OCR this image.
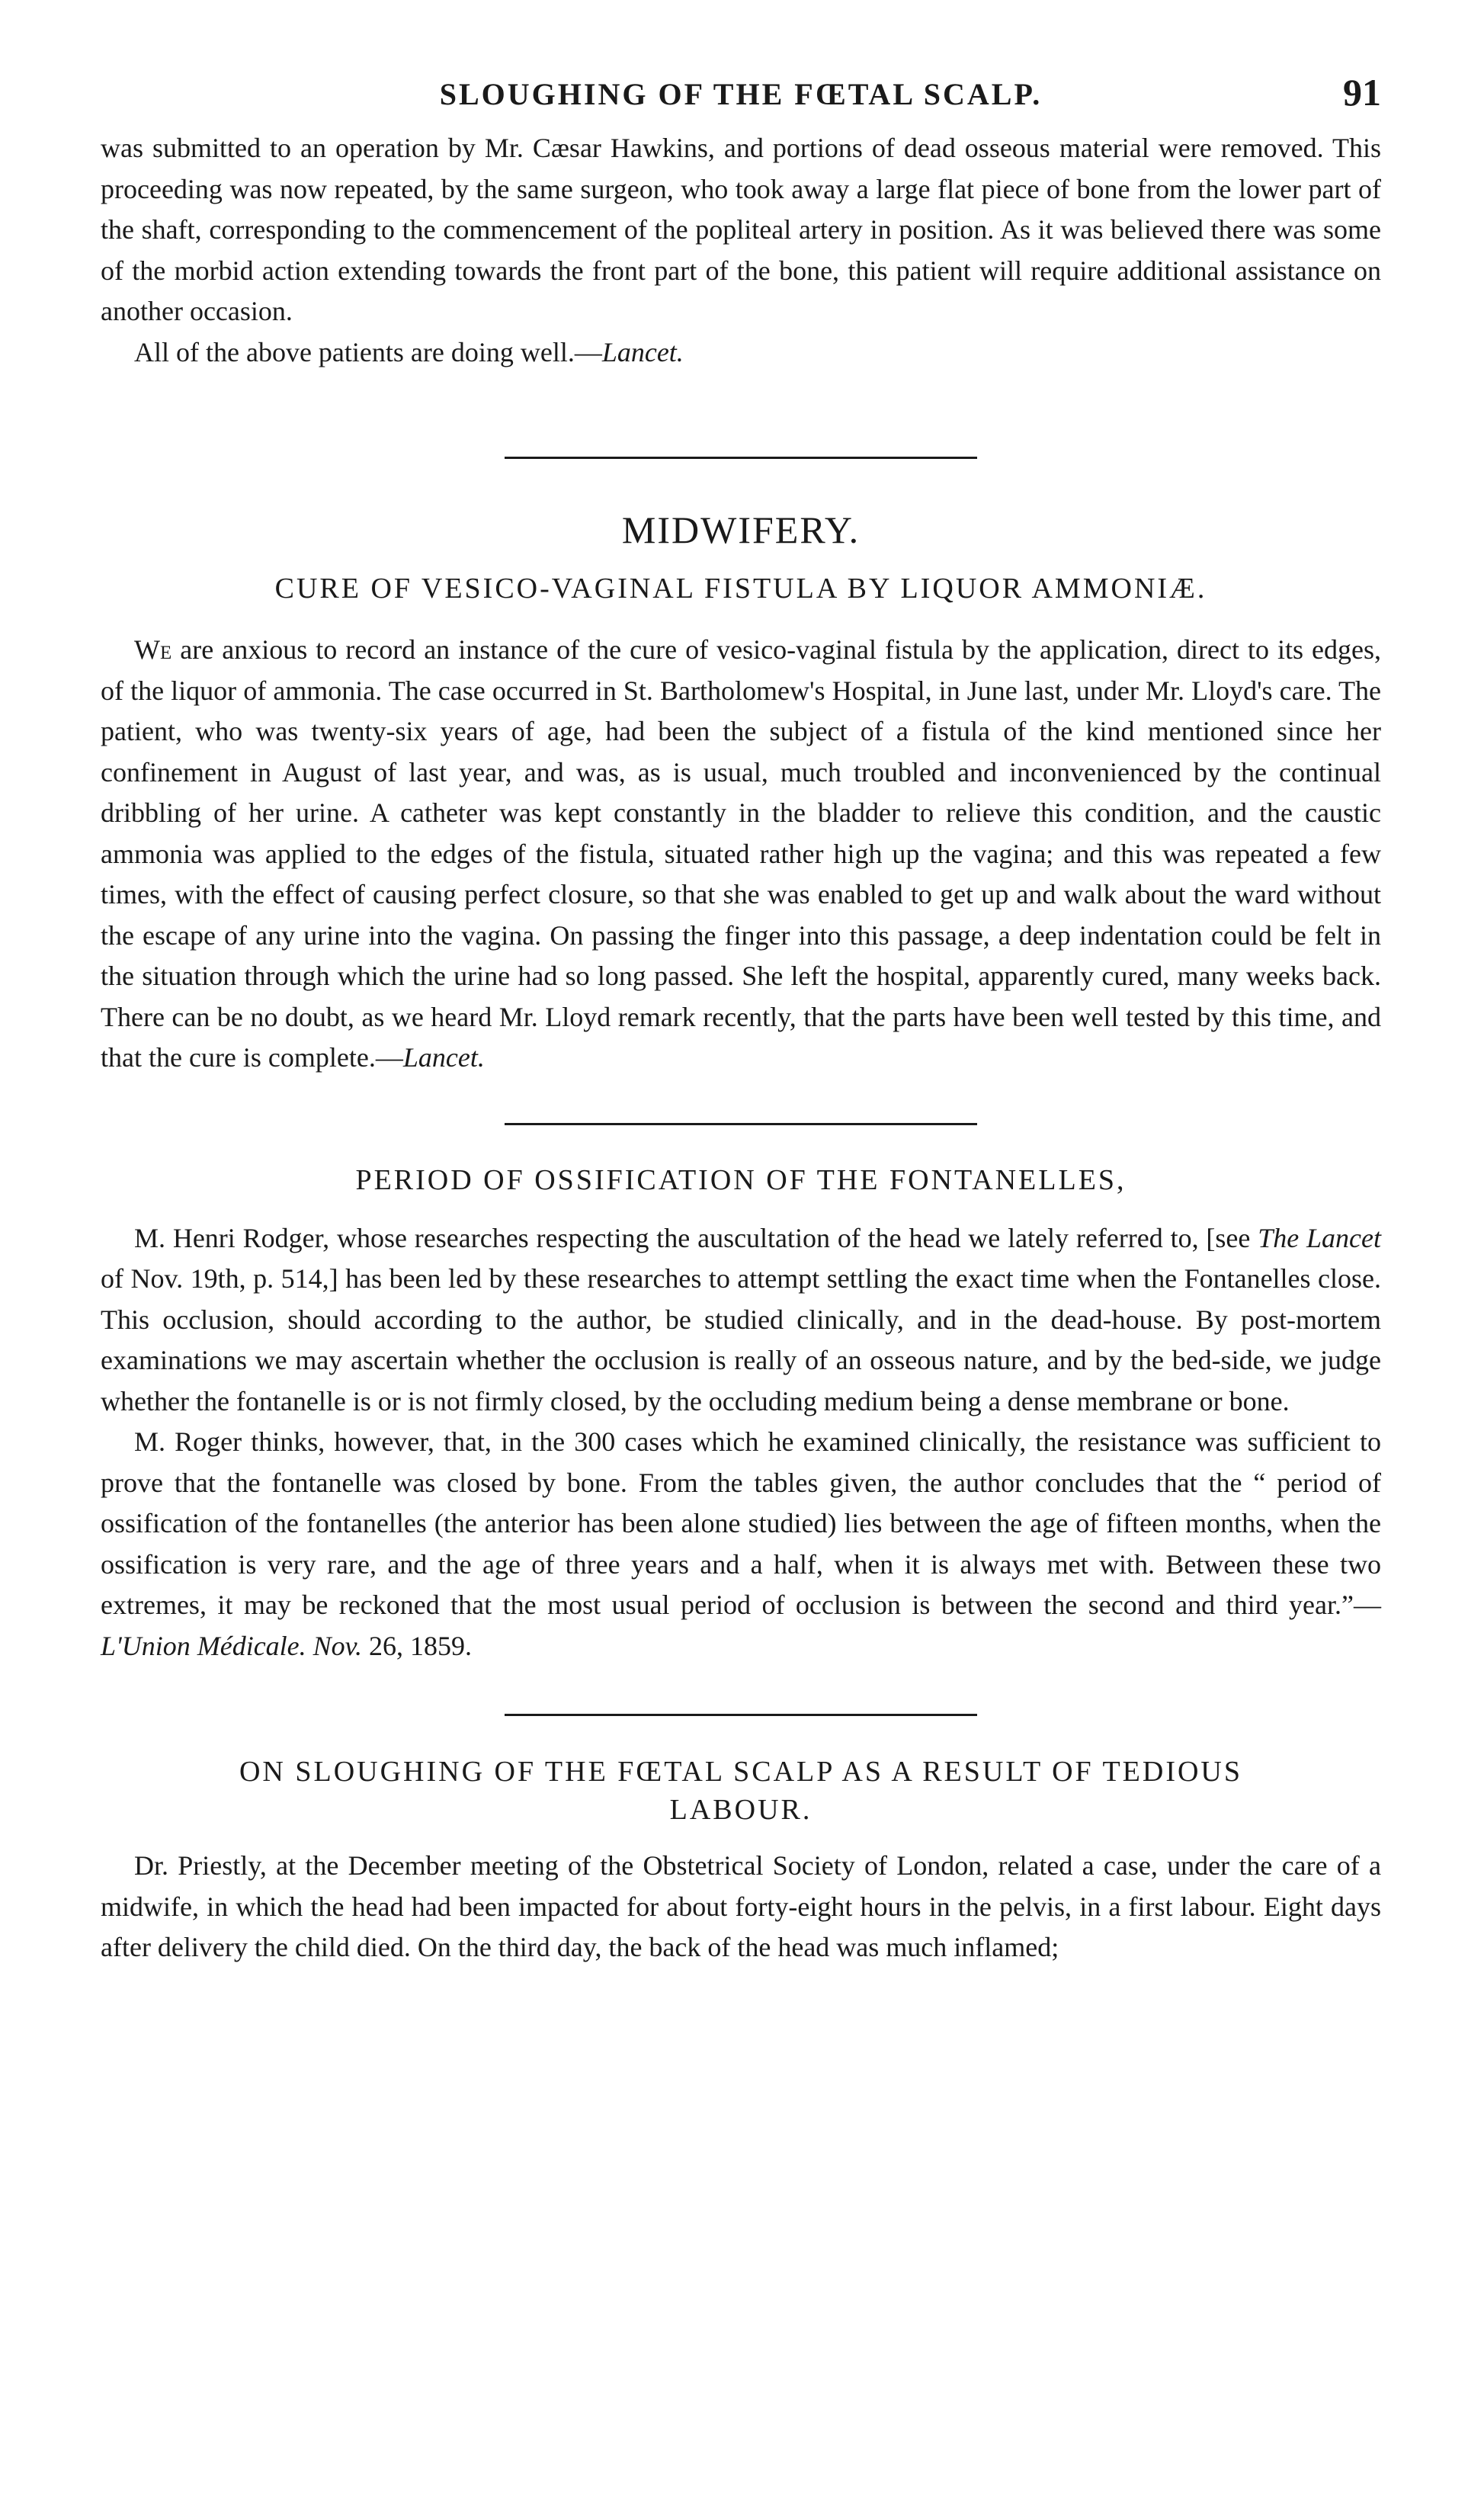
SLOUGHING OF THE FŒTAL SCALP.	91

was submitted to an operation by Mr. Cæsar Hawkins, and portions of dead osseous material were removed. This proceeding was now repeated, by the same surgeon, who took away a large flat piece of bone from the lower part of the shaft, corresponding to the commencement of the popliteal artery in position. As it was believed there was some of the morbid action extending towards the front part of the bone, this patient will require additional assistance on another occasion.

All of the above patients are doing well.—Lancet.

MIDWIFERY.
CURE OF VESICO-VAGINAL FISTULA BY LIQUOR AMMONIÆ.

We are anxious to record an instance of the cure of vesico-vaginal fistula by the application, direct to its edges, of the liquor of ammonia. The case occurred in St. Bartholomew's Hospital, in June last, under Mr. Lloyd's care. The patient, who was twenty-six years of age, had been the subject of a fistula of the kind mentioned since her confinement in August of last year, and was, as is usual, much troubled and inconvenienced by the continual dribbling of her urine. A catheter was kept constantly in the bladder to relieve this condition, and the caustic ammonia was applied to the edges of the fistula, situated rather high up the vagina; and this was repeated a few times, with the effect of causing perfect closure, so that she was enabled to get up and walk about the ward without the escape of any urine into the vagina. On passing the finger into this passage, a deep indentation could be felt in the situation through which the urine had so long passed. She left the hospital, apparently cured, many weeks back. There can be no doubt, as we heard Mr. Lloyd remark recently, that the parts have been well tested by this time, and that the cure is complete.—Lancet.

PERIOD OF OSSIFICATION OF THE FONTANELLES,

M. Henri Rodger, whose researches respecting the auscultation of the head we lately referred to, [see The Lancet of Nov. 19th, p. 514,] has been led by these researches to attempt settling the exact time when the Fontanelles close. This occlusion, should according to the author, be studied clinically, and in the dead-house. By post-mortem examinations we may ascertain whether the occlusion is really of an osseous nature, and by the bed-side, we judge whether the fontanelle is or is not firmly closed, by the occluding medium being a dense membrane or bone.

M. Roger thinks, however, that, in the 300 cases which he examined clinically, the resistance was sufficient to prove that the fontanelle was closed by bone. From the tables given, the author concludes that the “ period of ossification of the fontanelles (the anterior has been alone studied) lies between the age of fifteen months, when the ossification is very rare, and the age of three years and a half, when it is always met with. Between these two extremes, it may be reckoned that the most usual period of occlusion is between the second and third year.”—L'Union Médicale. Nov. 26, 1859.

ON SLOUGHING OF THE FŒTAL SCALP AS A RESULT OF TEDIOUS
LABOUR.

Dr. Priestly, at the December meeting of the Obstetrical Society of London, related a case, under the care of a midwife, in which the head had been impacted for about forty-eight hours in the pelvis, in a first labour. Eight days after delivery the child died. On the third day, the back of the head was much inflamed;
